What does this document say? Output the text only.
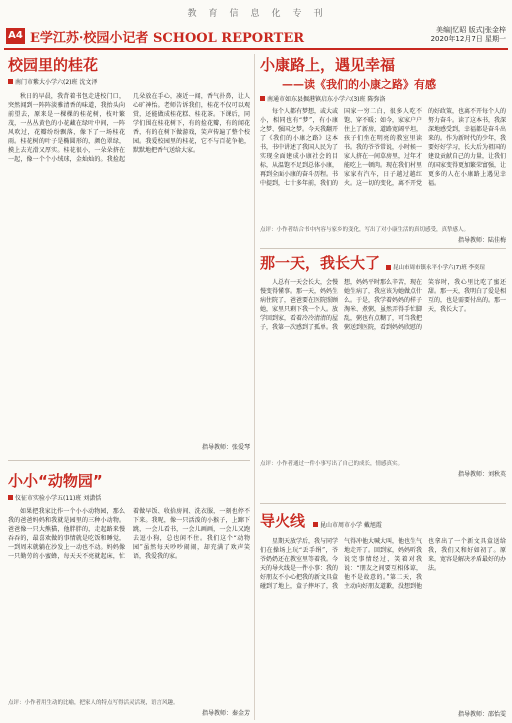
教 育 信 息 化 专 刊
A4 E学江苏·校园小记者 SCHOOL REPORTER
美编|忆昭 版式|张金梓
2020年12月7日 星期一
校园里的桂花
南门市紫大小学六(2)班 沈文泽
秋日的早晨，我背着书包走进校门口，突然闻到一阵阵淡雅清香的味道，我抬头向前望去，原来是一棵棵的桂花树，枝叶繁茂，一丛丛黄色的小花藏在绿叶中间，一阵风吹过，花瓣纷纷飘落，像下了一场桂花雨。桂花树的叶子是椭圆形的，颜色翠绿，摸上去光滑又厚实。桂花很小，一朵朵挤在一起，像一个个小绒球，金灿灿的。我捡起几朵放在手心，凑近一闻，香气扑鼻，让人心旷神怡。老师告诉我们，桂花不仅可以观赏，还能做成桂花糕、桂花茶。下课后，同学们围在桂花树下，有的捡花瓣，有的闻花香，有的在树下做游戏，笑声传遍了整个校园。我爱校园里的桂花，它不与百花争艳，默默地把香气送给大家。
指导教师：张爱琴
小小“动物园”
仪征市实验小学五(11)班 刘潇恬
如果把我家比作一个小小动物园，那么我的爸爸妈妈和我就是园里的三种小动物。爸爸像一只大熊猫，他胖胖的，走起路来慢吞吞的，最喜欢做的事情就是吃饭和睡觉，一到周末就躺在沙发上一动也不动。妈妈像一只勤劳的小蜜蜂，每天天不亮就起床，忙着做早饭、收拾房间、洗衣服，一刻也停不下来。我呢，像一只活泼的小猴子，上蹿下跳，一会儿看书，一会儿画画，一会儿又跑去逗小狗，总也闲不住。我们这个“动物园”虽然每天吵吵闹闹，却充满了欢声笑语，我爱我的家。
点评：小作者用生动的比喻，把家人的特点写得活灵活现，语言风趣。
指导教师：秦金芳
小康路上，遇见幸福
——读《我们的小康之路》有感
南通市如东县掘港镇启东小学六(3)班 陈弥洛
每个人都有梦想，或大或小，相同也有“梦”，有小康之梦、强国之梦。今天我翻开了《我们的小康之路》这本书，书中讲述了我国人民为了实现全面建成小康社会的目标，从温饱不足到总体小康，再到全面小康的奋斗历程。书中提到，七十多年前，我们的国家一穷二白，很多人吃不饱、穿不暖；如今，家家户户住上了新房，道路宽阔平坦，孩子们坐在明亮的教室里读书。我的爷爷常说，小时候一家人挤在一间草房里，过年才能吃上一顿肉。现在我们村里家家有汽车，日子越过越红火。这一切的变化，离不开党的好政策，也离不开每个人的努力奋斗。读了这本书，我深深地感受到，幸福都是奋斗出来的。作为新时代的少年，我要好好学习，长大后为祖国的建设贡献自己的力量，让我们的国家变得更加繁荣富强，让更多的人在小康路上遇见幸福。
点评：小作者结合书中内容与家乡的变化，写出了对小康生活的真切感受，真挚感人。
指导教师：陆佳梅
那一天，我长大了 昆山市周市镇永平小学六(7)班 李奕瑄
人总有一天会长大，会慢慢变得懂事。那一天，妈妈生病住院了，爸爸要在医院照顾她，家里只剩下我一个人。放学回到家，看着冷冷清清的屋子，我第一次感到了孤单。我想，妈妈平时那么辛苦，现在她生病了，我应该为她做点什么。于是，我学着妈妈的样子淘米、煮粥，虽然弄得手忙脚乱，粥也有点糊了，可当我把粥送到医院，看到妈妈欣慰的笑容时，我心里比吃了蜜还甜。那一天，我明白了爱是相互的，也是需要付出的。那一天，我长大了。
点评：小作者通过一件小事写出了自己的成长，情感真实。
指导教师：刘秋英
导火线	昆山市周市小学 戴旭霞
星期天放学后，我与同学们在操场上玩“丢手绢”，爷爷奶奶还在教室里等着我。今天的导火线是一件小事：我的好朋友不小心把我的新文具盒碰到了地上，盒子摔坏了，我气得冲他大喊大叫，他也生气地走开了。回到家，妈妈听我说完事情经过，笑着对我说：“朋友之间要互相体谅，他不是故意的。”第二天，我主动向好朋友道歉，没想到他也拿出了一个新文具盒送给我，我们又和好如初了。原来，宽容是解决矛盾最好的办法。
指导教师：邵怡雯
